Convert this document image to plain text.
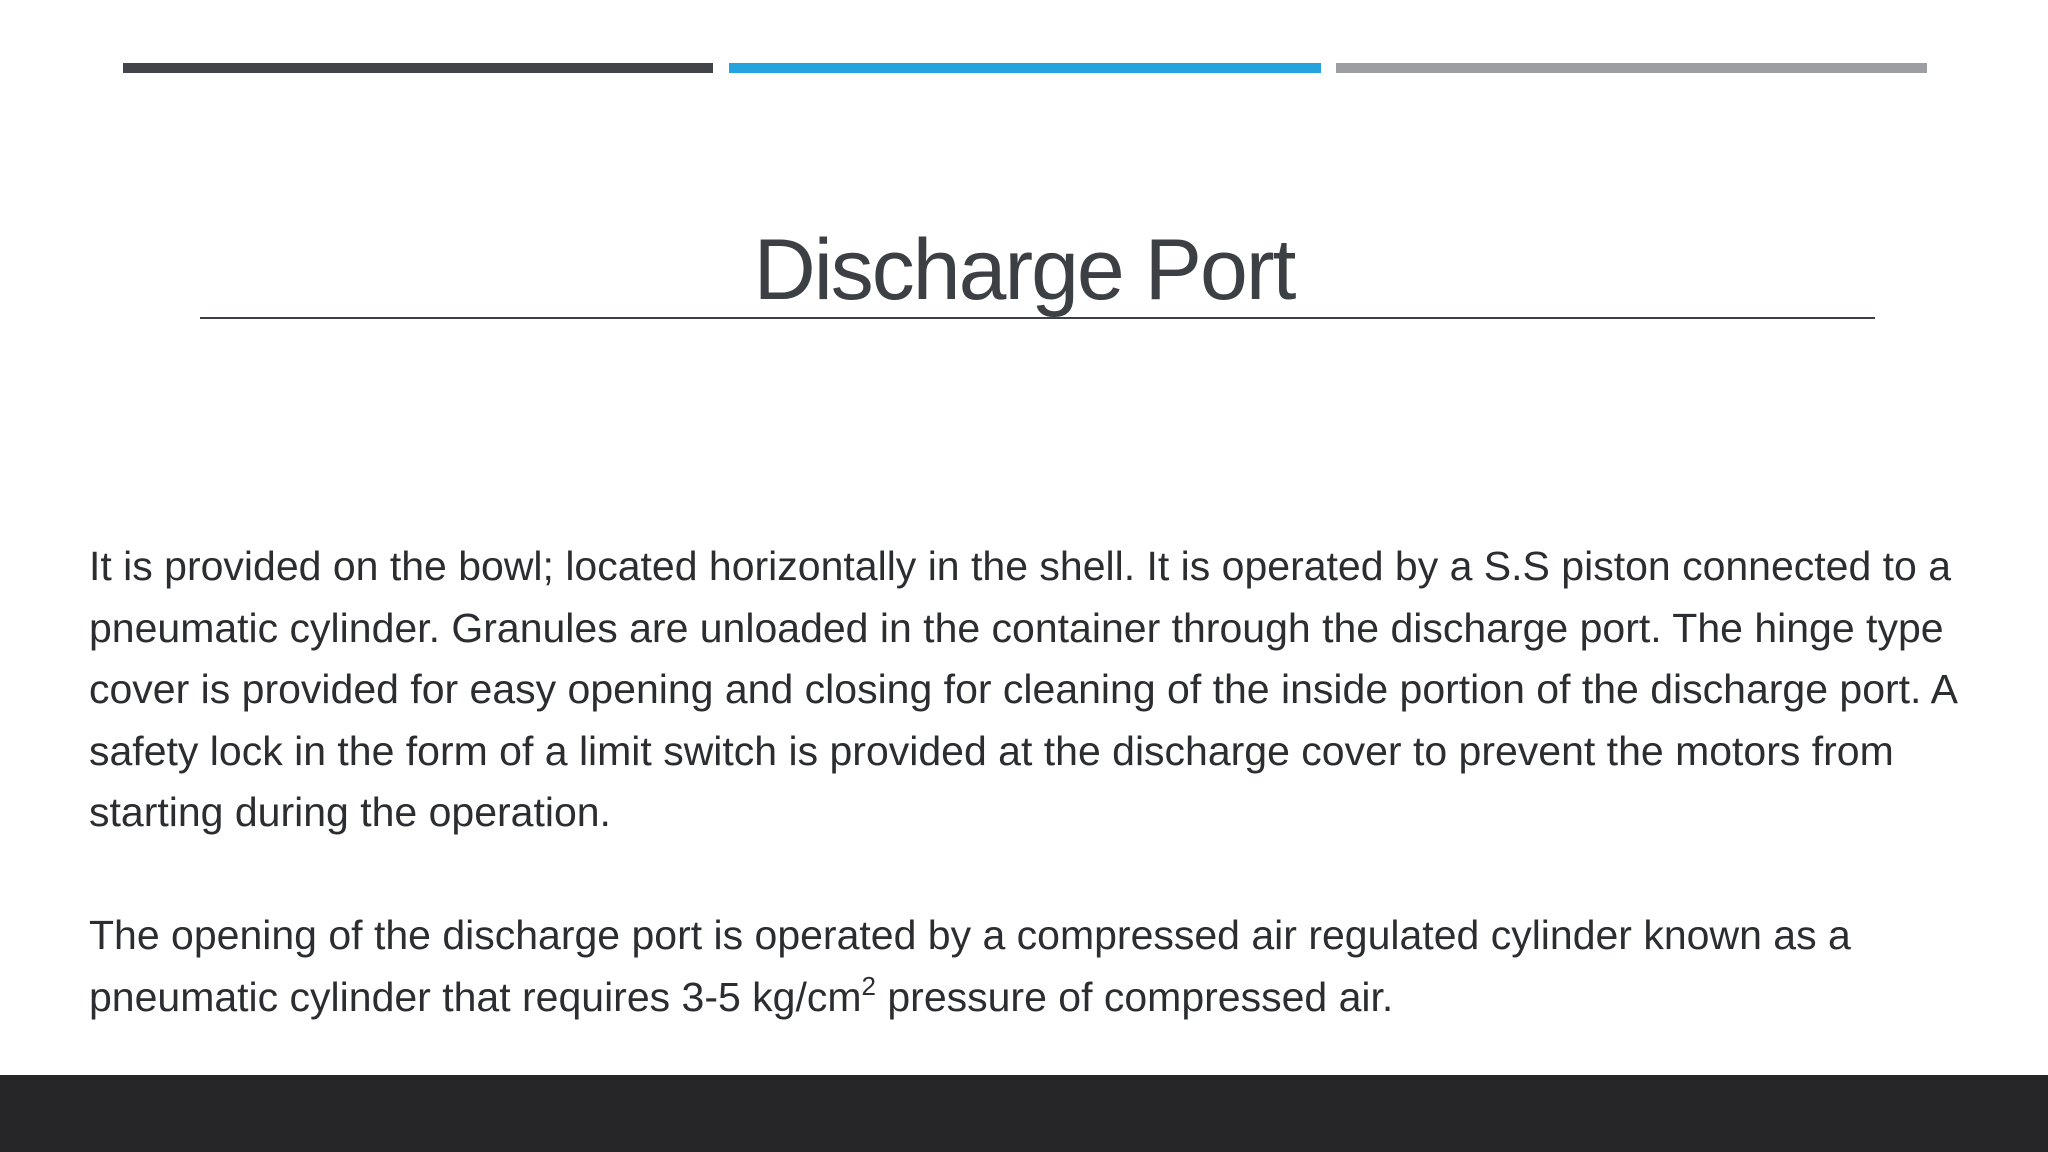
Discharge Port

It is provided on the bowl; located horizontally in the shell. It is operated by a S.S piston connected to a pneumatic cylinder. Granules are unloaded in the container through the discharge port. The hinge type cover is provided for easy opening and closing for cleaning of the inside portion of the discharge port. A safety lock in the form of a limit switch is provided at the discharge cover to prevent the motors from starting during the operation.

The opening of the discharge port is operated by a compressed air regulated cylinder known as a pneumatic cylinder that requires 3-5 $kg/cm^2$ pressure of compressed air.
